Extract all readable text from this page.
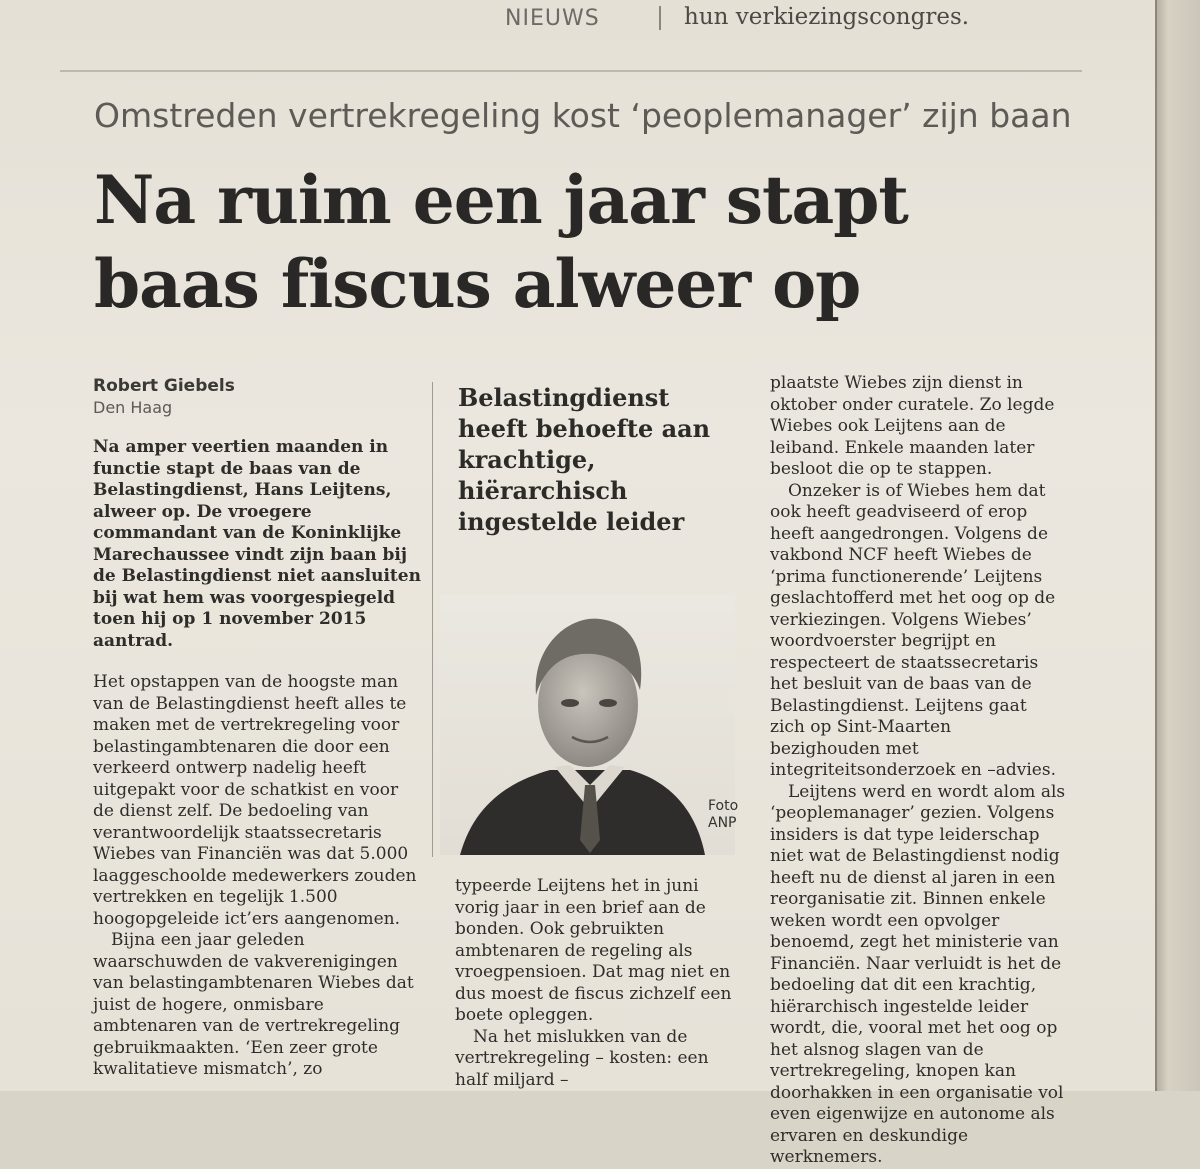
NIEUWS	hun verkiezingscongres.
Omstreden vertrekregeling kost ‘peoplemanager’ zijn baan
Na ruim een jaar stapt
baas fiscus alweer op
Robert Giebels
Den Haag

Na amper veertien maanden in functie stapt de baas van de Belastingdienst, Hans Leijtens, alweer op. De vroegere commandant van de Koninklijke Marechaussee vindt zijn baan bij de Belastingdienst niet aansluiten bij wat hem was voorgespiegeld toen hij op 1 november 2015 aantrad.

Het opstappen van de hoogste man van de Belastingdienst heeft alles te maken met de vertrekregeling voor belastingambtenaren die door een verkeerd ontwerp nadelig heeft uitgepakt voor de schatkist en voor de dienst zelf. De bedoeling van verantwoordelijk staatssecretaris Wiebes van Financiën was dat 5.000 laaggeschoolde medewerkers zouden vertrekken en tegelijk 1.500 hoogopgeleide ict’ers aangenomen.

Bijna een jaar geleden waarschuwden de vakverenigingen van belastingambtenaren Wiebes dat juist de hogere, onmisbare ambtenaren van de vertrekregeling gebruikmaakten. ‘Een zeer grote kwalitatieve mismatch’, zo

Belastingdienst heeft behoefte aan krachtige, hiërarchisch ingestelde leider
Foto
ANP

typeerde Leijtens het in juni vorig jaar in een brief aan de bonden. Ook gebruikten ambtenaren de regeling als vroegpensioen. Dat mag niet en dus moest de fiscus zichzelf een boete opleggen.

Na het mislukken van de vertrekregeling – kosten: een half miljard –

plaatste Wiebes zijn dienst in oktober onder curatele. Zo legde Wiebes ook Leijtens aan de leiband. Enkele maanden later besloot die op te stappen.

Onzeker is of Wiebes hem dat ook heeft geadviseerd of erop heeft aangedrongen. Volgens de vakbond NCF heeft Wiebes de ‘prima functionerende’ Leijtens geslachtofferd met het oog op de verkiezingen. Volgens Wiebes’ woordvoerster begrijpt en respecteert de staatssecretaris het besluit van de baas van de Belastingdienst. Leijtens gaat zich op Sint-Maarten bezighouden met integriteitsonderzoek en –advies.

Leijtens werd en wordt alom als ‘peoplemanager’ gezien. Volgens insiders is dat type leiderschap niet wat de Belastingdienst nodig heeft nu de dienst al jaren in een reorganisatie zit. Binnen enkele weken wordt een opvolger benoemd, zegt het ministerie van Financiën. Naar verluidt is het de bedoeling dat dit een krachtig, hiërarchisch ingestelde leider wordt, die, vooral met het oog op het alsnog slagen van de vertrekregeling, knopen kan doorhakken in een organisatie vol even eigenwijze en autonome als ervaren en deskundige werknemers.
